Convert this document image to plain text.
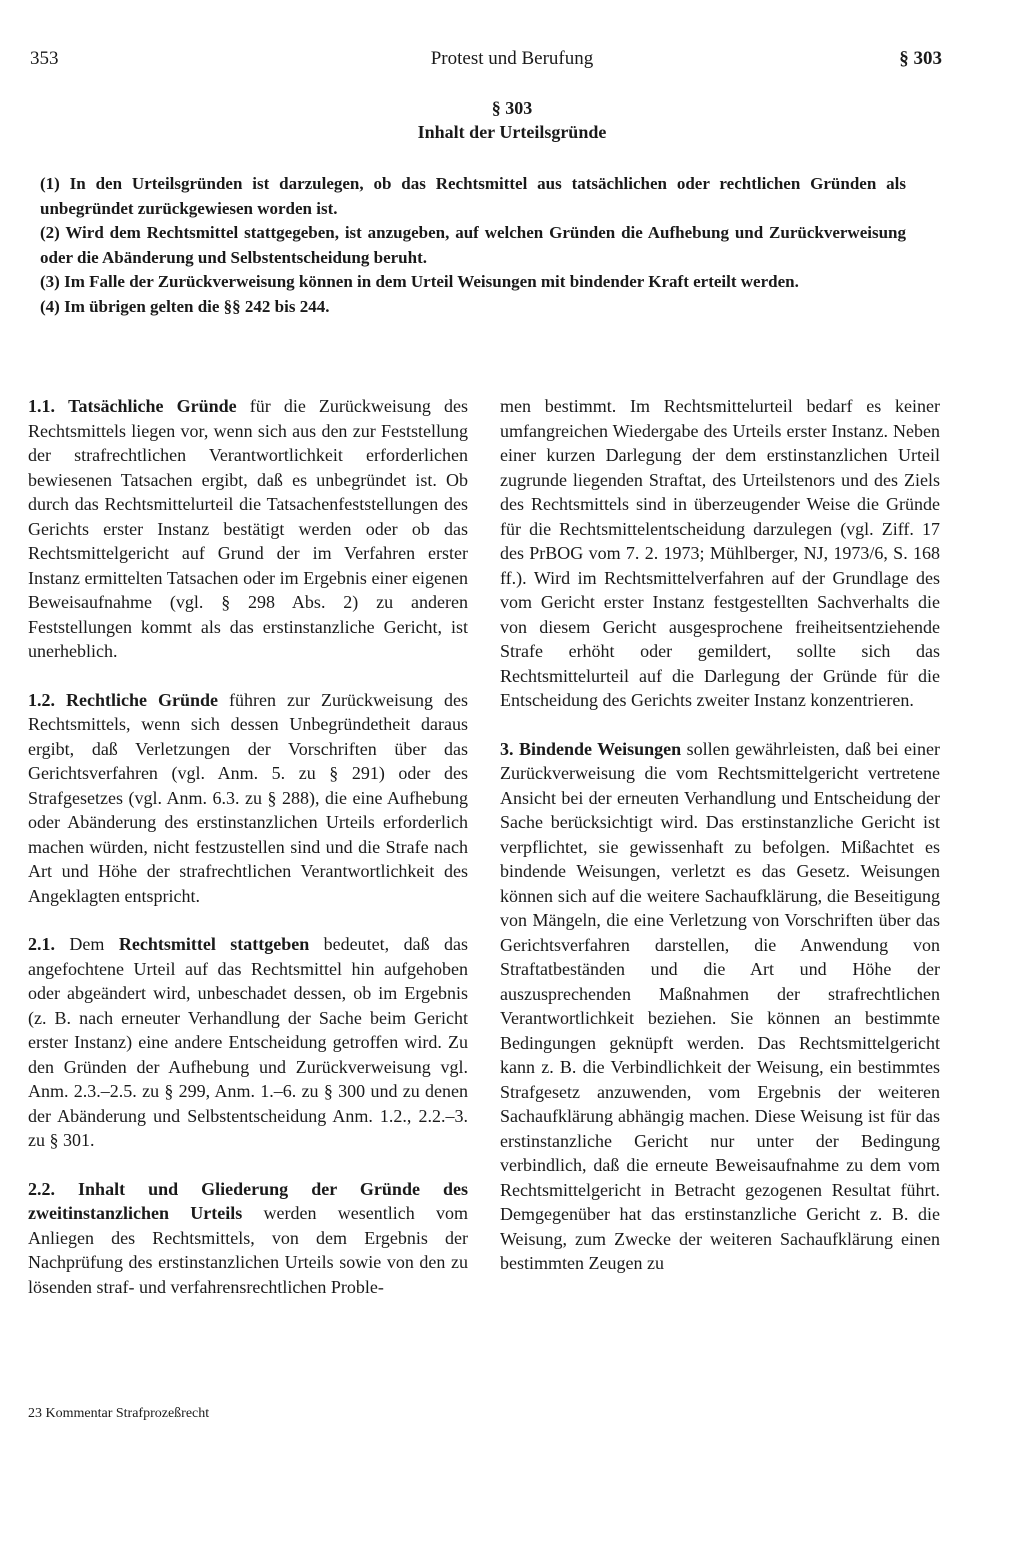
353	Protest und Berufung	§ 303
§ 303
Inhalt der Urteilsgründe

(1) In den Urteilsgründen ist darzulegen, ob das Rechtsmittel aus tatsächlichen oder rechtlichen Gründen als unbegründet zurückgewiesen worden ist.

(2) Wird dem Rechtsmittel stattgegeben, ist anzugeben, auf welchen Gründen die Aufhebung und Zurückverweisung oder die Abänderung und Selbstentscheidung beruht.

(3) Im Falle der Zurückverweisung können in dem Urteil Weisungen mit bindender Kraft erteilt werden.

(4) Im übrigen gelten die §§ 242 bis 244.

1.1. Tatsächliche Gründe für die Zurückweisung des Rechtsmittels liegen vor, wenn sich aus den zur Feststellung der strafrechtlichen Verantwortlichkeit erforderlichen bewiesenen Tatsachen ergibt, daß es unbegründet ist. Ob durch das Rechtsmittelurteil die Tatsachenfeststellungen des Gerichts erster Instanz bestätigt werden oder ob das Rechtsmittelgericht auf Grund der im Verfahren erster Instanz ermittelten Tatsachen oder im Ergebnis einer eigenen Beweisaufnahme (vgl. § 298 Abs. 2) zu anderen Feststellungen kommt als das erstinstanzliche Gericht, ist unerheblich.

1.2. Rechtliche Gründe führen zur Zurückweisung des Rechtsmittels, wenn sich dessen Unbegründetheit daraus ergibt, daß Verletzungen der Vorschriften über das Gerichtsverfahren (vgl. Anm. 5. zu § 291) oder des Strafgesetzes (vgl. Anm. 6.3. zu § 288), die eine Aufhebung oder Abänderung des erstinstanzlichen Urteils erforderlich machen würden, nicht festzustellen sind und die Strafe nach Art und Höhe der strafrechtlichen Verantwortlichkeit des Angeklagten entspricht.

2.1. Dem Rechtsmittel stattgeben bedeutet, daß das angefochtene Urteil auf das Rechtsmittel hin aufgehoben oder abgeändert wird, unbeschadet dessen, ob im Ergebnis (z. B. nach erneuter Verhandlung der Sache beim Gericht erster Instanz) eine andere Entscheidung getroffen wird. Zu den Gründen der Aufhebung und Zurückverweisung vgl. Anm. 2.3.–2.5. zu § 299, Anm. 1.–6. zu § 300 und zu denen der Abänderung und Selbstentscheidung Anm. 1.2., 2.2.–3. zu § 301.

2.2. Inhalt und Gliederung der Gründe des zweitinstanzlichen Urteils werden wesentlich vom Anliegen des Rechtsmittels, von dem Ergebnis der Nachprüfung des erstinstanzlichen Urteils sowie von den zu lösenden straf- und verfahrensrechtlichen Proble-

men bestimmt. Im Rechtsmittelurteil bedarf es keiner umfangreichen Wiedergabe des Urteils erster Instanz. Neben einer kurzen Darlegung der dem erstinstanzlichen Urteil zugrunde liegenden Straftat, des Urteilstenors und des Ziels des Rechtsmittels sind in überzeugender Weise die Gründe für die Rechtsmittelentscheidung darzulegen (vgl. Ziff. 17 des PrBOG vom 7. 2. 1973; Mühlberger, NJ, 1973/6, S. 168 ff.). Wird im Rechtsmittelverfahren auf der Grundlage des vom Gericht erster Instanz festgestellten Sachverhalts die von diesem Gericht ausgesprochene freiheitsentziehende Strafe erhöht oder gemildert, sollte sich das Rechtsmittelurteil auf die Darlegung der Gründe für die Entscheidung des Gerichts zweiter Instanz konzentrieren.

3. Bindende Weisungen sollen gewährleisten, daß bei einer Zurückverweisung die vom Rechtsmittelgericht vertretene Ansicht bei der erneuten Verhandlung und Entscheidung der Sache berücksichtigt wird. Das erstinstanzliche Gericht ist verpflichtet, sie gewissenhaft zu befolgen. Mißachtet es bindende Weisungen, verletzt es das Gesetz. Weisungen können sich auf die weitere Sachaufklärung, die Beseitigung von Mängeln, die eine Verletzung von Vorschriften über das Gerichtsverfahren darstellen, die Anwendung von Straftatbeständen und die Art und Höhe der auszusprechenden Maßnahmen der strafrechtlichen Verantwortlichkeit beziehen. Sie können an bestimmte Bedingungen geknüpft werden. Das Rechtsmittelgericht kann z. B. die Verbindlichkeit der Weisung, ein bestimmtes Strafgesetz anzuwenden, vom Ergebnis der weiteren Sachaufklärung abhängig machen. Diese Weisung ist für das erstinstanzliche Gericht nur unter der Bedingung verbindlich, daß die erneute Beweisaufnahme zu dem vom Rechtsmittelgericht in Betracht gezogenen Resultat führt. Demgegenüber hat das erstinstanzliche Gericht z. B. die Weisung, zum Zwecke der weiteren Sachaufklärung einen bestimmten Zeugen zu

23 Kommentar Strafprozeßrecht
